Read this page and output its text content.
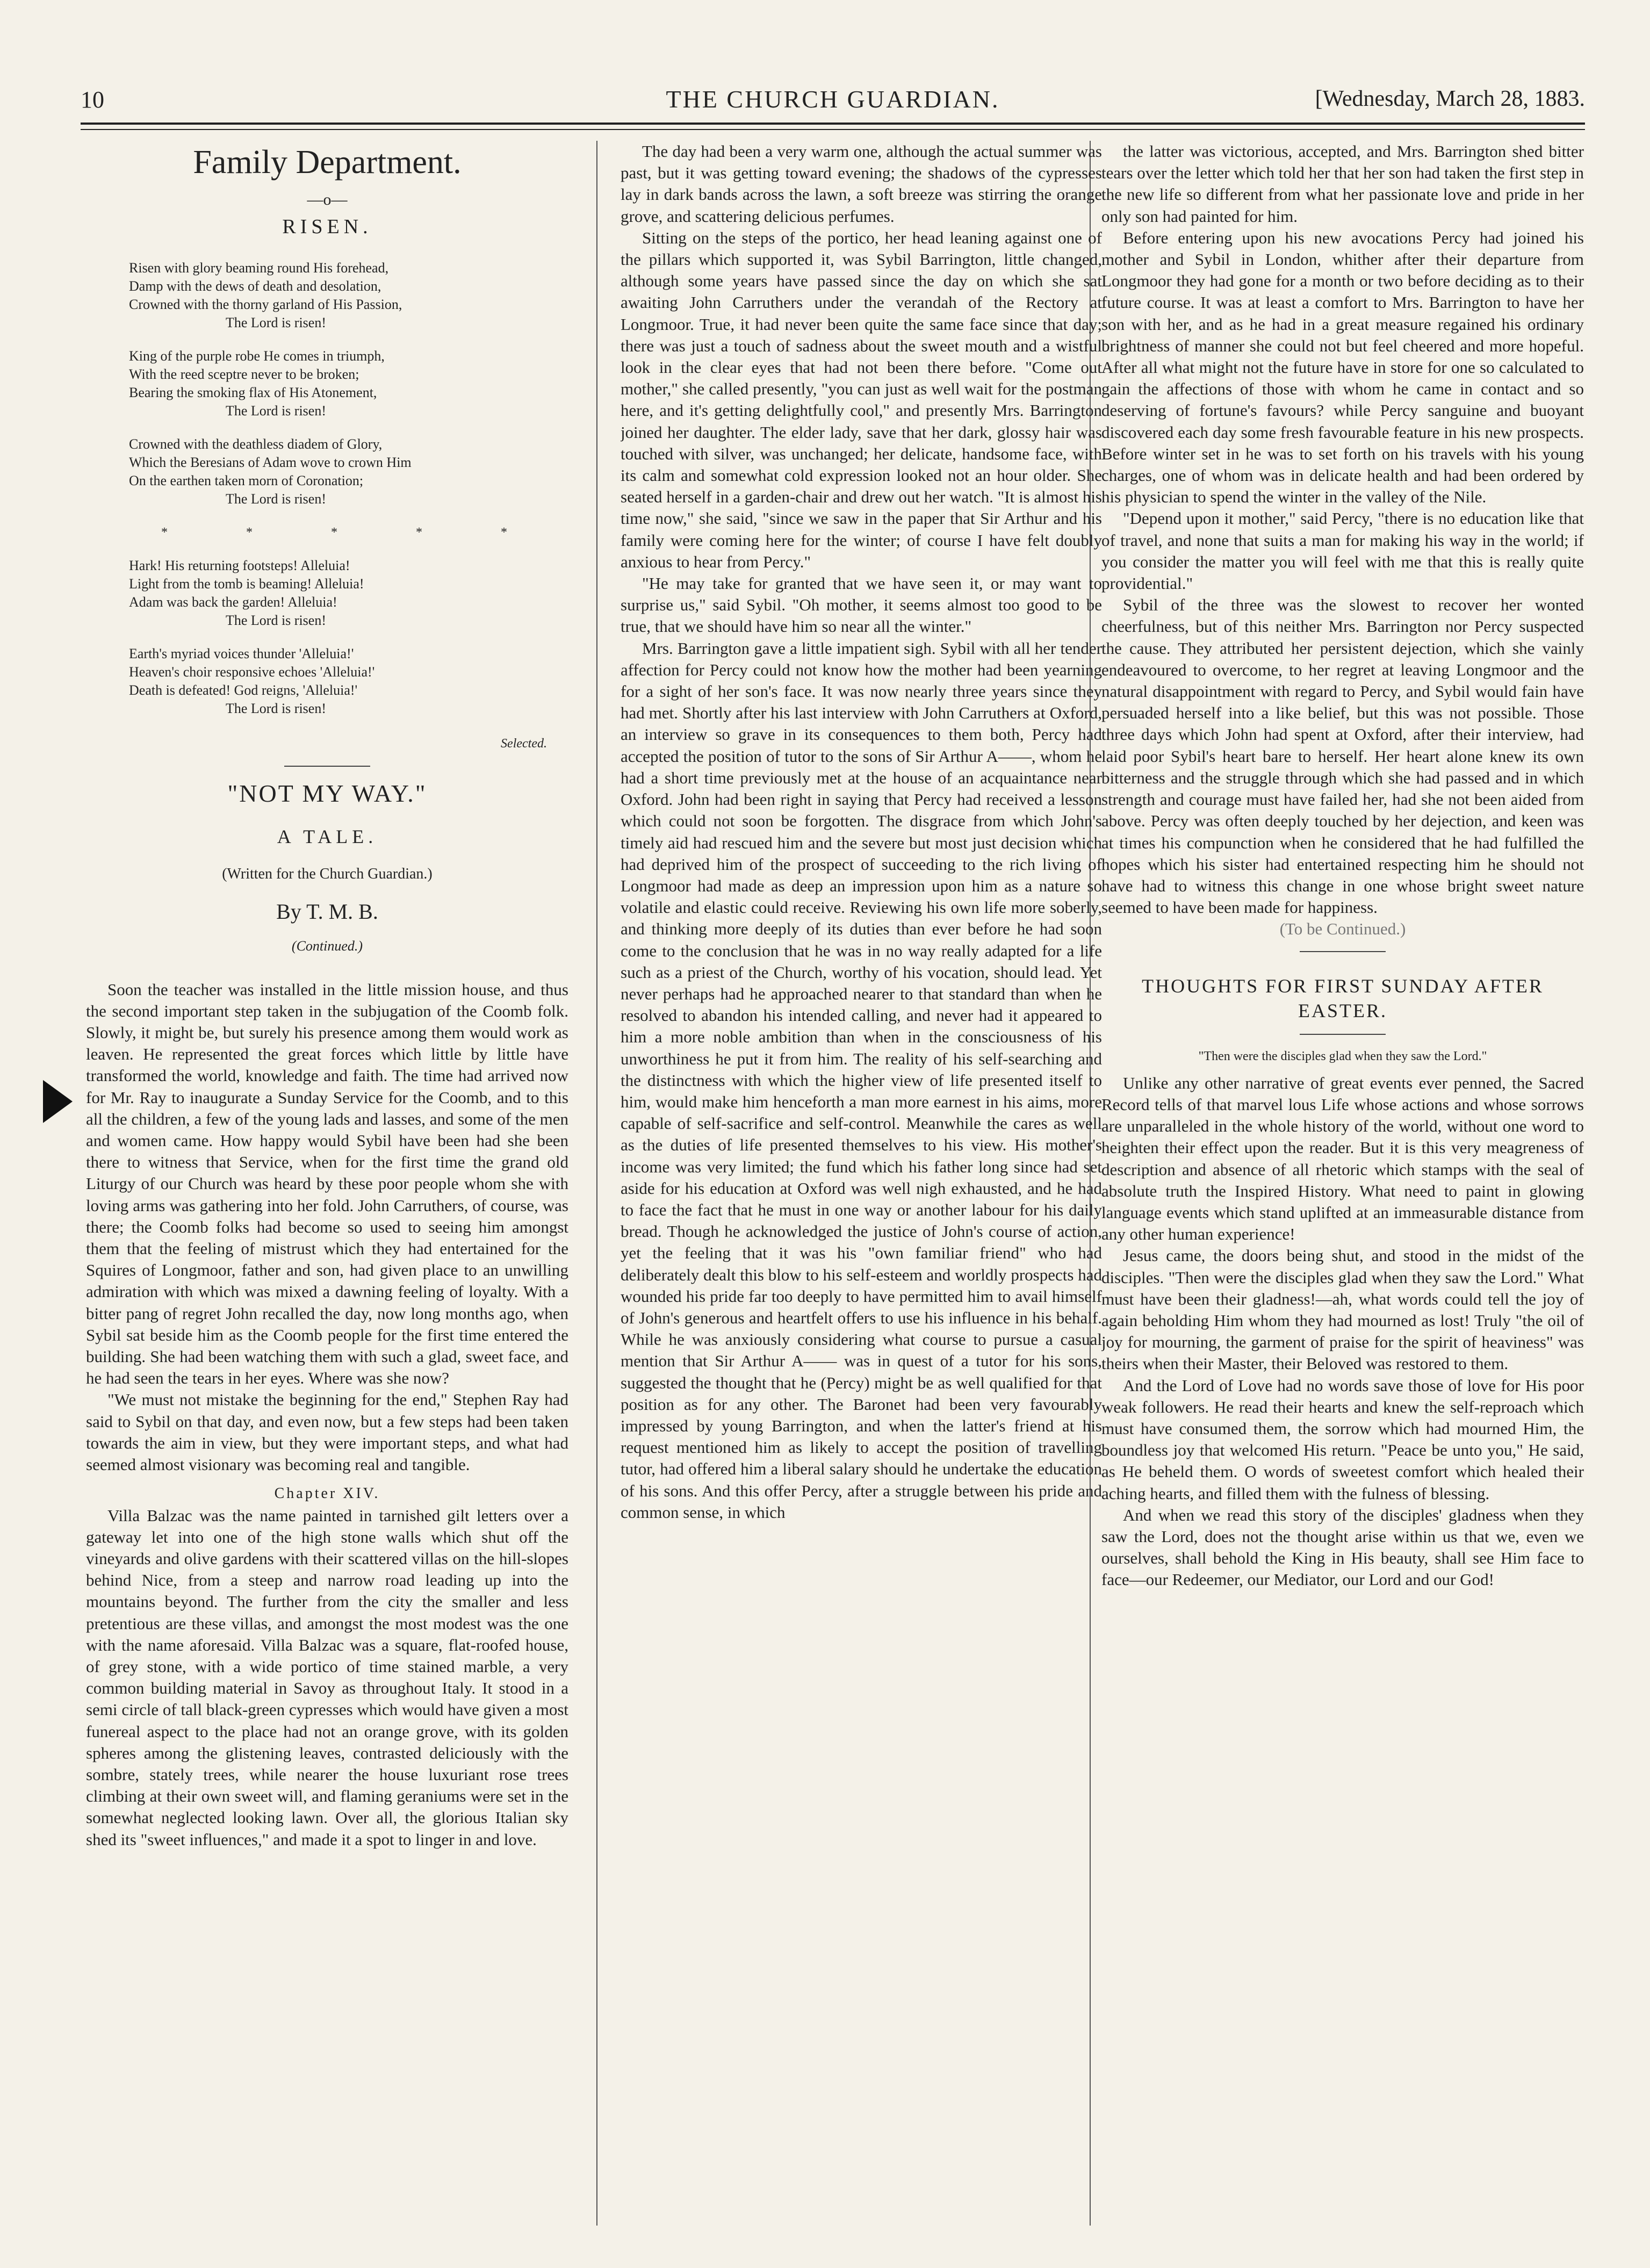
10	THE CHURCH GUARDIAN.	[Wednesday, March 28, 1883.

Family Department.

—o—

RISEN.

Risen with glory beaming round His forehead,
Damp with the dews of death and desolation,
Crowned with the thorny garland of His Passion,
The Lord is risen!
King of the purple robe He comes in triumph,
With the reed sceptre never to be broken;
Bearing the smoking flax of His Atonement,
The Lord is risen!
Crowned with the deathless diadem of Glory,
Which the Beresians of Adam wove to crown Him
On the earthen taken morn of Coronation;
The Lord is risen!
* * * * *
Hark! His returning footsteps! Alleluia!
Light from the tomb is beaming! Alleluia!
Adam was back the garden! Alleluia!
The Lord is risen!
Earth's myriad voices thunder 'Alleluia!'
Heaven's choir responsive echoes 'Alleluia!'
Death is defeated! God reigns, 'Alleluia!'
The Lord is risen!

Selected.

"NOT MY WAY."

A TALE.

(Written for the Church Guardian.)

By T. M. B.

(Continued.)

Soon the teacher was installed in the little mission house, and thus the second important step taken in the subjugation of the Coomb folk. Slowly, it might be, but surely his presence among them would work as leaven. He represented the great forces which little by little have transformed the world, knowledge and faith. The time had arrived now for Mr. Ray to inaugurate a Sunday Service for the Coomb, and to this all the children, a few of the young lads and lasses, and some of the men and women came. How happy would Sybil have been had she been there to witness that Service, when for the first time the grand old Liturgy of our Church was heard by these poor people whom she with loving arms was gathering into her fold. John Carruthers, of course, was there; the Coomb folks had become so used to seeing him amongst them that the feeling of mistrust which they had entertained for the Squires of Longmoor, father and son, had given place to an unwilling admiration with which was mixed a dawning feeling of loyalty. With a bitter pang of regret John recalled the day, now long months ago, when Sybil sat beside him as the Coomb people for the first time entered the building. She had been watching them with such a glad, sweet face, and he had seen the tears in her eyes. Where was she now?

"We must not mistake the beginning for the end," Stephen Ray had said to Sybil on that day, and even now, but a few steps had been taken towards the aim in view, but they were important steps, and what had seemed almost visionary was becoming real and tangible.

Chapter XIV.

Villa Balzac was the name painted in tarnished gilt letters over a gateway let into one of the high stone walls which shut off the vineyards and olive gardens with their scattered villas on the hill-slopes behind Nice, from a steep and narrow road leading up into the mountains beyond. The further from the city the smaller and less pretentious are these villas, and amongst the most modest was the one with the name aforesaid. Villa Balzac was a square, flat-roofed house, of grey stone, with a wide portico of time stained marble, a very common building material in Savoy as throughout Italy. It stood in a semi circle of tall black-green cypresses which would have given a most funereal aspect to the place had not an orange grove, with its golden spheres among the glistening leaves, contrasted deliciously with the sombre, stately trees, while nearer the house luxuriant rose trees climbing at their own sweet will, and flaming geraniums were set in the somewhat neglected looking lawn. Over all, the glorious Italian sky shed its "sweet influences," and made it a spot to linger in and love.

The day had been a very warm one, although the actual summer was past, but it was getting toward evening; the shadows of the cypresses lay in dark bands across the lawn, a soft breeze was stirring the orange grove, and scattering delicious perfumes.

Sitting on the steps of the portico, her head leaning against one of the pillars which supported it, was Sybil Barrington, little changed, although some years have passed since the day on which she sat awaiting John Carruthers under the verandah of the Rectory at Longmoor. True, it had never been quite the same face since that day; there was just a touch of sadness about the sweet mouth and a wistful look in the clear eyes that had not been there before. "Come out mother," she called presently, "you can just as well wait for the postman here, and it's getting delightfully cool," and presently Mrs. Barrington joined her daughter. The elder lady, save that her dark, glossy hair was touched with silver, was unchanged; her delicate, handsome face, with its calm and somewhat cold expression looked not an hour older. She seated herself in a garden-chair and drew out her watch. "It is almost his time now," she said, "since we saw in the paper that Sir Arthur and his family were coming here for the winter; of course I have felt doubly anxious to hear from Percy."

"He may take for granted that we have seen it, or may want to surprise us," said Sybil. "Oh mother, it seems almost too good to be true, that we should have him so near all the winter."

Mrs. Barrington gave a little impatient sigh. Sybil with all her tender affection for Percy could not know how the mother had been yearning for a sight of her son's face. It was now nearly three years since they had met. Shortly after his last interview with John Carruthers at Oxford, an interview so grave in its consequences to them both, Percy had accepted the position of tutor to the sons of Sir Arthur A——, whom he had a short time previously met at the house of an acquaintance near Oxford. John had been right in saying that Percy had received a lesson which could not soon be forgotten. The disgrace from which John's timely aid had rescued him and the severe but most just decision which had deprived him of the prospect of succeeding to the rich living of Longmoor had made as deep an impression upon him as a nature so volatile and elastic could receive. Reviewing his own life more soberly, and thinking more deeply of its duties than ever before he had soon come to the conclusion that he was in no way really adapted for a life such as a priest of the Church, worthy of his vocation, should lead. Yet never perhaps had he approached nearer to that standard than when he resolved to abandon his intended calling, and never had it appeared to him a more noble ambition than when in the consciousness of his unworthiness he put it from him. The reality of his self-searching and the distinctness with which the higher view of life presented itself to him, would make him henceforth a man more earnest in his aims, more capable of self-sacrifice and self-control. Meanwhile the cares as well as the duties of life presented themselves to his view. His mother's income was very limited; the fund which his father long since had set aside for his education at Oxford was well nigh exhausted, and he had to face the fact that he must in one way or another labour for his daily bread. Though he acknowledged the justice of John's course of action, yet the feeling that it was his "own familiar friend" who had deliberately dealt this blow to his self-esteem and worldly prospects had wounded his pride far too deeply to have permitted him to avail himself of John's generous and heartfelt offers to use his influence in his behalf. While he was anxiously considering what course to pursue a casual mention that Sir Arthur A—— was in quest of a tutor for his sons, suggested the thought that he (Percy) might be as well qualified for that position as for any other. The Baronet had been very favourably impressed by young Barrington, and when the latter's friend at his request mentioned him as likely to accept the position of travelling tutor, had offered him a liberal salary should he undertake the education of his sons. And this offer Percy, after a struggle between his pride and common sense, in which

the latter was victorious, accepted, and Mrs. Barrington shed bitter tears over the letter which told her that her son had taken the first step in the new life so different from what her passionate love and pride in her only son had painted for him.

Before entering upon his new avocations Percy had joined his mother and Sybil in London, whither after their departure from Longmoor they had gone for a month or two before deciding as to their future course. It was at least a comfort to Mrs. Barrington to have her son with her, and as he had in a great measure regained his ordinary brightness of manner she could not but feel cheered and more hopeful. After all what might not the future have in store for one so calculated to gain the affections of those with whom he came in contact and so deserving of fortune's favours? while Percy sanguine and buoyant discovered each day some fresh favourable feature in his new prospects. Before winter set in he was to set forth on his travels with his young charges, one of whom was in delicate health and had been ordered by his physician to spend the winter in the valley of the Nile.

"Depend upon it mother," said Percy, "there is no education like that of travel, and none that suits a man for making his way in the world; if you consider the matter you will feel with me that this is really quite providential."

Sybil of the three was the slowest to recover her wonted cheerfulness, but of this neither Mrs. Barrington nor Percy suspected the cause. They attributed her persistent dejection, which she vainly endeavoured to overcome, to her regret at leaving Longmoor and the natural disappointment with regard to Percy, and Sybil would fain have persuaded herself into a like belief, but this was not possible. Those three days which John had spent at Oxford, after their interview, had laid poor Sybil's heart bare to herself. Her heart alone knew its own bitterness and the struggle through which she had passed and in which strength and courage must have failed her, had she not been aided from above. Percy was often deeply touched by her dejection, and keen was at times his compunction when he considered that he had fulfilled the hopes which his sister had entertained respecting him he should not have had to witness this change in one whose bright sweet nature seemed to have been made for happiness.

(To be Continued.)

THOUGHTS FOR FIRST SUNDAY AFTER EASTER.

"Then were the disciples glad when they saw the Lord."

Unlike any other narrative of great events ever penned, the Sacred Record tells of that marvel lous Life whose actions and whose sorrows are unparalleled in the whole history of the world, without one word to heighten their effect upon the reader. But it is this very meagreness of description and absence of all rhetoric which stamps with the seal of absolute truth the Inspired History. What need to paint in glowing language events which stand uplifted at an immeasurable distance from any other human experience!

Jesus came, the doors being shut, and stood in the midst of the disciples. "Then were the disciples glad when they saw the Lord." What must have been their gladness!—ah, what words could tell the joy of again beholding Him whom they had mourned as lost! Truly "the oil of joy for mourning, the garment of praise for the spirit of heaviness" was theirs when their Master, their Beloved was restored to them.

And the Lord of Love had no words save those of love for His poor weak followers. He read their hearts and knew the self-reproach which must have consumed them, the sorrow which had mourned Him, the boundless joy that welcomed His return. "Peace be unto you," He said, as He beheld them. O words of sweetest comfort which healed their aching hearts, and filled them with the fulness of blessing.

And when we read this story of the disciples' gladness when they saw the Lord, does not the thought arise within us that we, even we ourselves, shall behold the King in His beauty, shall see Him face to face—our Redeemer, our Mediator, our Lord and our God!
